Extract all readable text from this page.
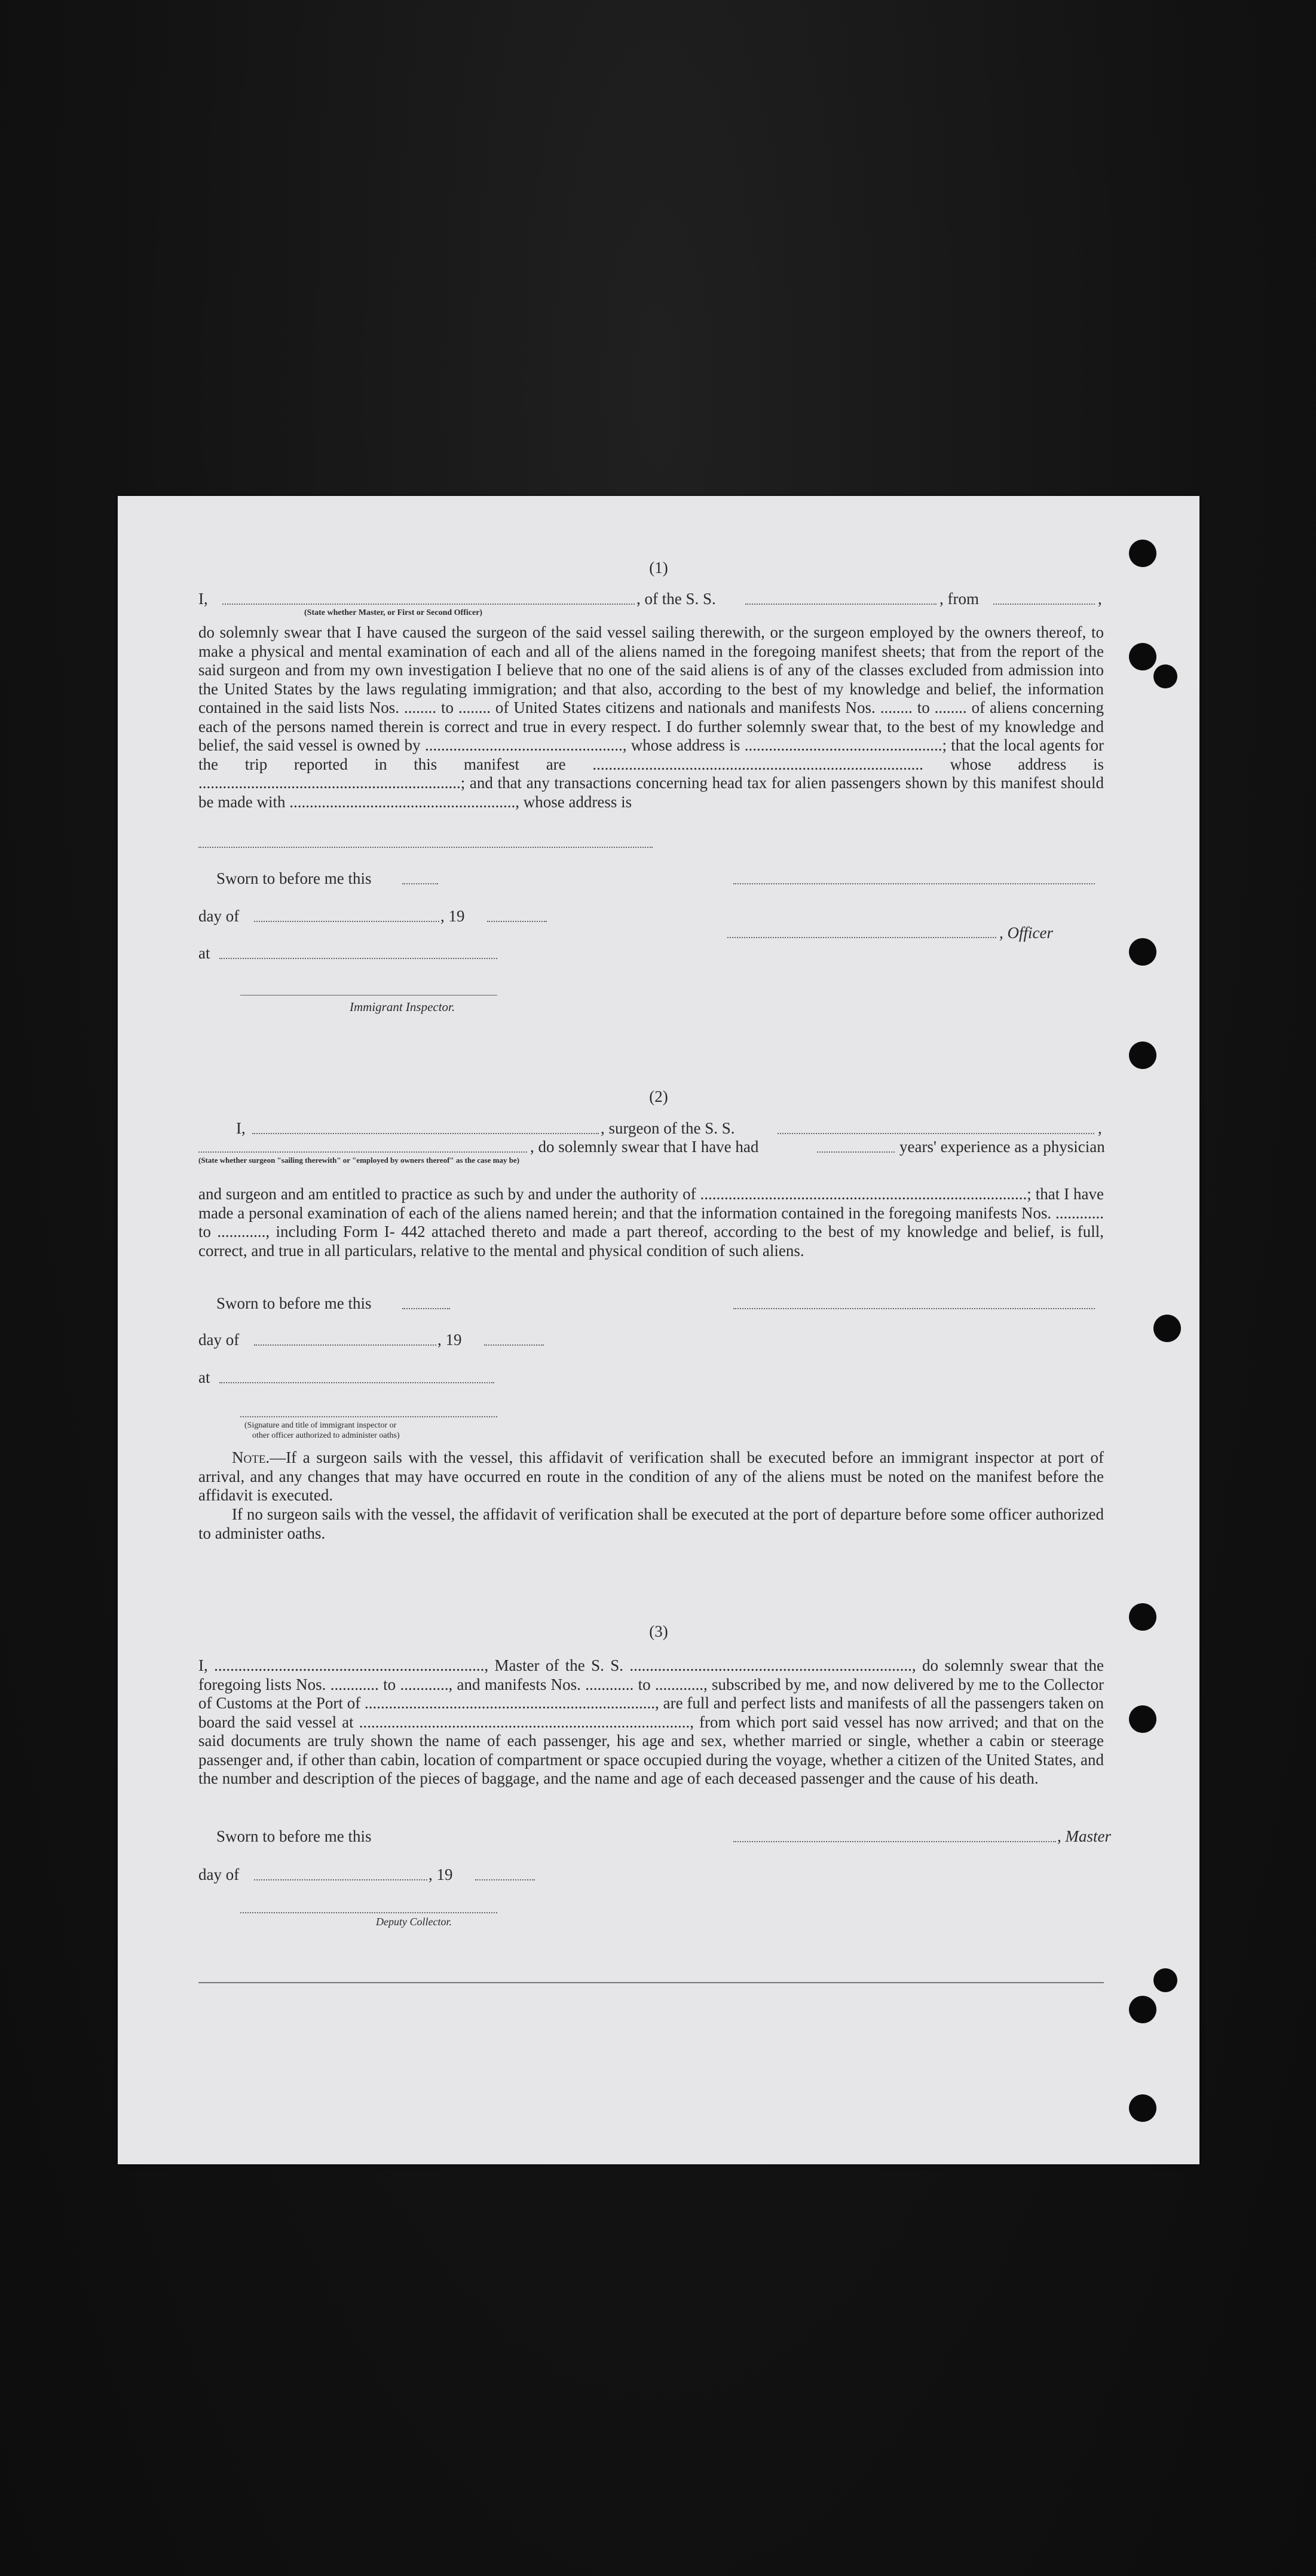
(1)
I,	, of the S. S.	, from	,
(State whether Master, or First or Second Officer)
do solemnly swear that I have caused the surgeon of the said vessel sailing therewith, or the surgeon employed by the owners thereof, to make a physical and mental examination of each and all of the aliens named in the foregoing manifest sheets; that from the report of the said surgeon and from my own investigation I believe that no one of the said aliens is of any of the classes excluded from admission into the United States by the laws regulating immigration; and that also, according to the best of my knowledge and belief, the information contained in the said lists Nos. ........ to ........ of United States citizens and nationals and manifests Nos. ........ to ........ of aliens concerning each of the persons named therein is correct and true in every respect. I do further solemnly swear that, to the best of my knowledge and belief, the said vessel is owned by ................................................., whose address is .................................................; that the local agents for the trip reported in this manifest are .................................................................................. whose address is .................................................................; and that any transactions concerning head tax for alien passengers shown by this manifest should be made with ........................................................, whose address is
Sworn to before me this
day of	, 19
, Officer
at
Immigrant Inspector.
(2)
I,	, surgeon of the S. S.	,
, do solemnly swear that I have had	years' experience as a physician
(State whether surgeon "sailing therewith" or "employed by owners thereof" as the case may be)
and surgeon and am entitled to practice as such by and under the authority of .................................................................................; that I have made a personal examination of each of the aliens named herein; and that the information contained in the foregoing manifests Nos. ............ to ............, including Form I- 442 attached thereto and made a part thereof, according to the best of my knowledge and belief, is full, correct, and true in all particulars, relative to the mental and physical condition of such aliens.
Sworn to before me this
day of	, 19
at
(Signature and title of immigrant inspector or
other officer authorized to administer oaths)
Note.—If a surgeon sails with the vessel, this affidavit of verification shall be executed before an immigrant inspector at port of arrival, and any changes that may have occurred en route in the condition of any of the aliens must be noted on the manifest before the affidavit is executed.
If no surgeon sails with the vessel, the affidavit of verification shall be executed at the port of departure before some officer authorized to administer oaths.
(3)
I, ..................................................................., Master of the S. S. ......................................................................, do solemnly swear that the foregoing lists Nos. ............ to ............, and manifests Nos. ............ to ............, subscribed by me, and now delivered by me to the Collector of Customs at the Port of ........................................................................, are full and perfect lists and manifests of all the passengers taken on board the said vessel at .................................................................................., from which port said vessel has now arrived; and that on the said documents are truly shown the name of each passenger, his age and sex, whether married or single, whether a cabin or steerage passenger and, if other than cabin, location of compartment or space occupied during the voyage, whether a citizen of the United States, and the number and description of the pieces of baggage, and the name and age of each deceased passenger and the cause of his death.
Sworn to before me this	, Master
day of	, 19
Deputy Collector.
